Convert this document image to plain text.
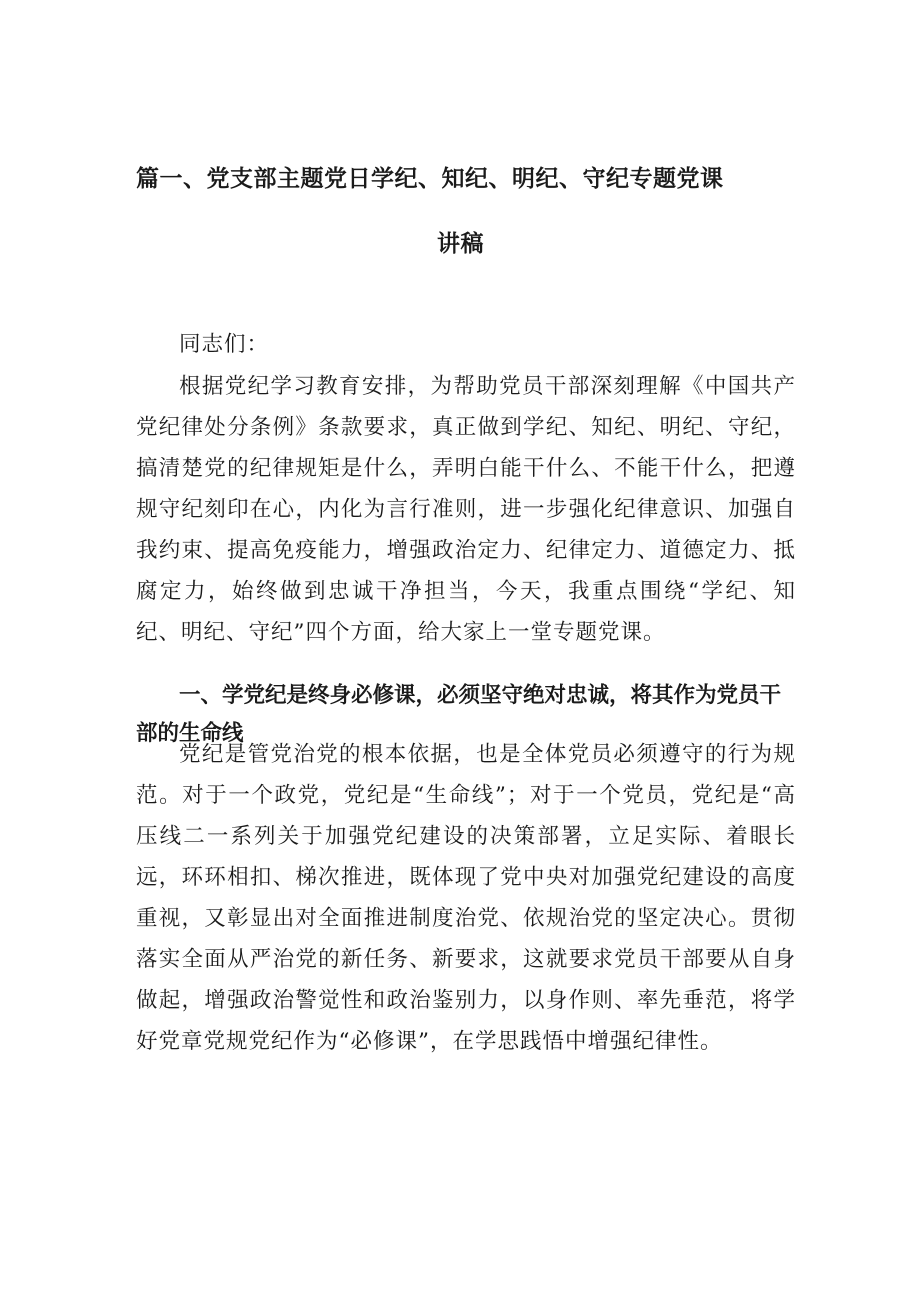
篇一、党支部主题党日学纪、知纪、明纪、守纪专题党课
讲稿

同志们：

根据党纪学习教育安排，为帮助党员干部深刻理解《中国共产党纪律处分条例》条款要求，真正做到学纪、知纪、明纪、守纪，搞清楚党的纪律规矩是什么，弄明白能干什么、不能干什么，把遵规守纪刻印在心，内化为言行准则，进一步强化纪律意识、加强自我约束、提高免疫能力，增强政治定力、纪律定力、道德定力、抵腐定力，始终做到忠诚干净担当，今天，我重点围绕“学纪、知纪、明纪、守纪”四个方面，给大家上一堂专题党课。

一、学党纪是终身必修课，必须坚守绝对忠诚，将其作为党员干部的生命线

党纪是管党治党的根本依据，也是全体党员必须遵守的行为规范。对于一个政党，党纪是“生命线”；对于一个党员，党纪是“高压线二一系列关于加强党纪建设的决策部署，立足实际、着眼长远，环环相扣、梯次推进，既体现了党中央对加强党纪建设的高度重视，又彰显出对全面推进制度治党、依规治党的坚定决心。贯彻落实全面从严治党的新任务、新要求，这就要求党员干部要从自身做起，增强政治警觉性和政治鉴别力，以身作则、率先垂范，将学好党章党规党纪作为“必修课”，在学思践悟中增强纪律性。
